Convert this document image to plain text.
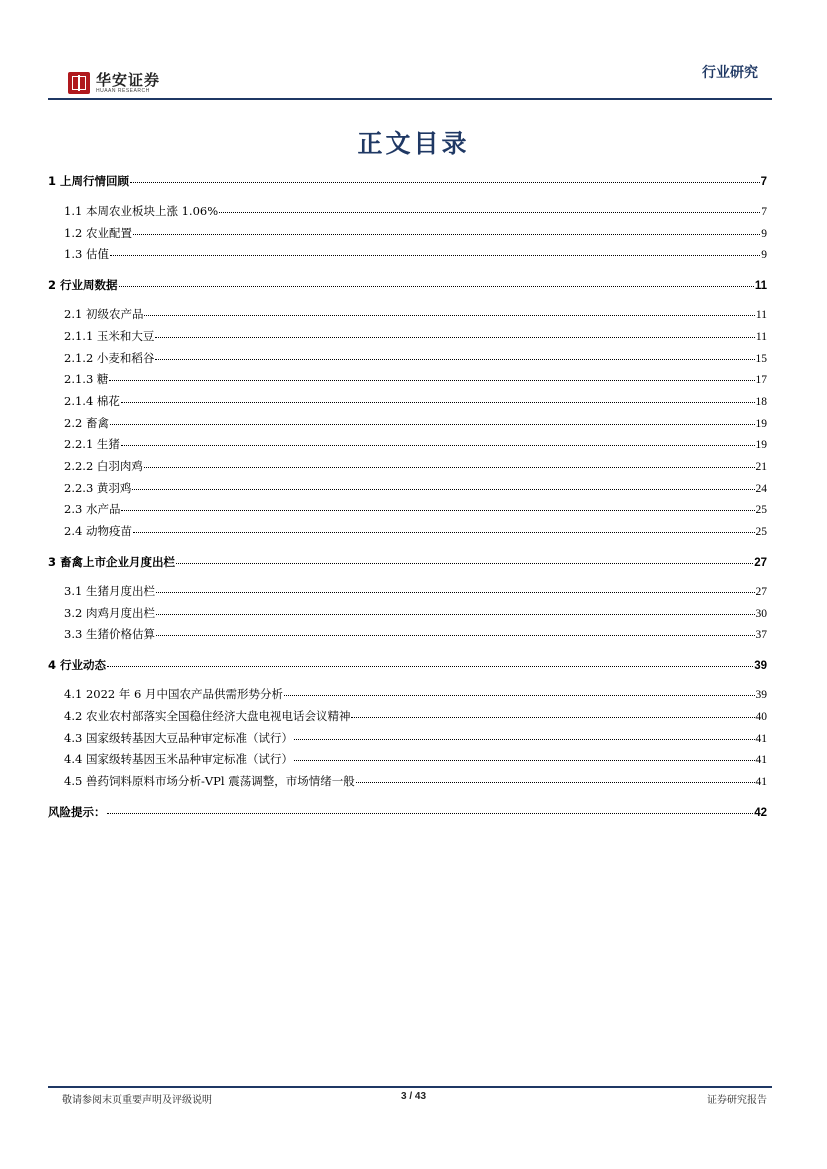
华安证券
HUAAN RESEARCH
行业研究
正文目录
1 上周行情回顾	7
1.1 本周农业板块上涨 1.06%	7
1.2 农业配置	9
1.3 估值	9
2 行业周数据	11
2.1 初级农产品	11
2.1.1 玉米和大豆	11
2.1.2 小麦和稻谷	15
2.1.3 糖	17
2.1.4 棉花	18
2.2 畜禽	19
2.2.1 生猪	19
2.2.2 白羽肉鸡	21
2.2.3 黄羽鸡	24
2.3 水产品	25
2.4 动物疫苗	25
3 畜禽上市企业月度出栏	27
3.1 生猪月度出栏	27
3.2 肉鸡月度出栏	30
3.3 生猪价格估算	37
4 行业动态	39
4.1 2022 年 6 月中国农产品供需形势分析	39
4.2 农业农村部落实全国稳住经济大盘电视电话会议精神	40
4.3 国家级转基因大豆品种审定标准（试行）	41
4.4 国家级转基因玉米品种审定标准（试行）	41
4.5 兽药饲料原料市场分析-VPl 震荡调整，市场情绪一般	41
风险提示：	42
敬请参阅末页重要声明及评级说明	3 / 43	证券研究报告
